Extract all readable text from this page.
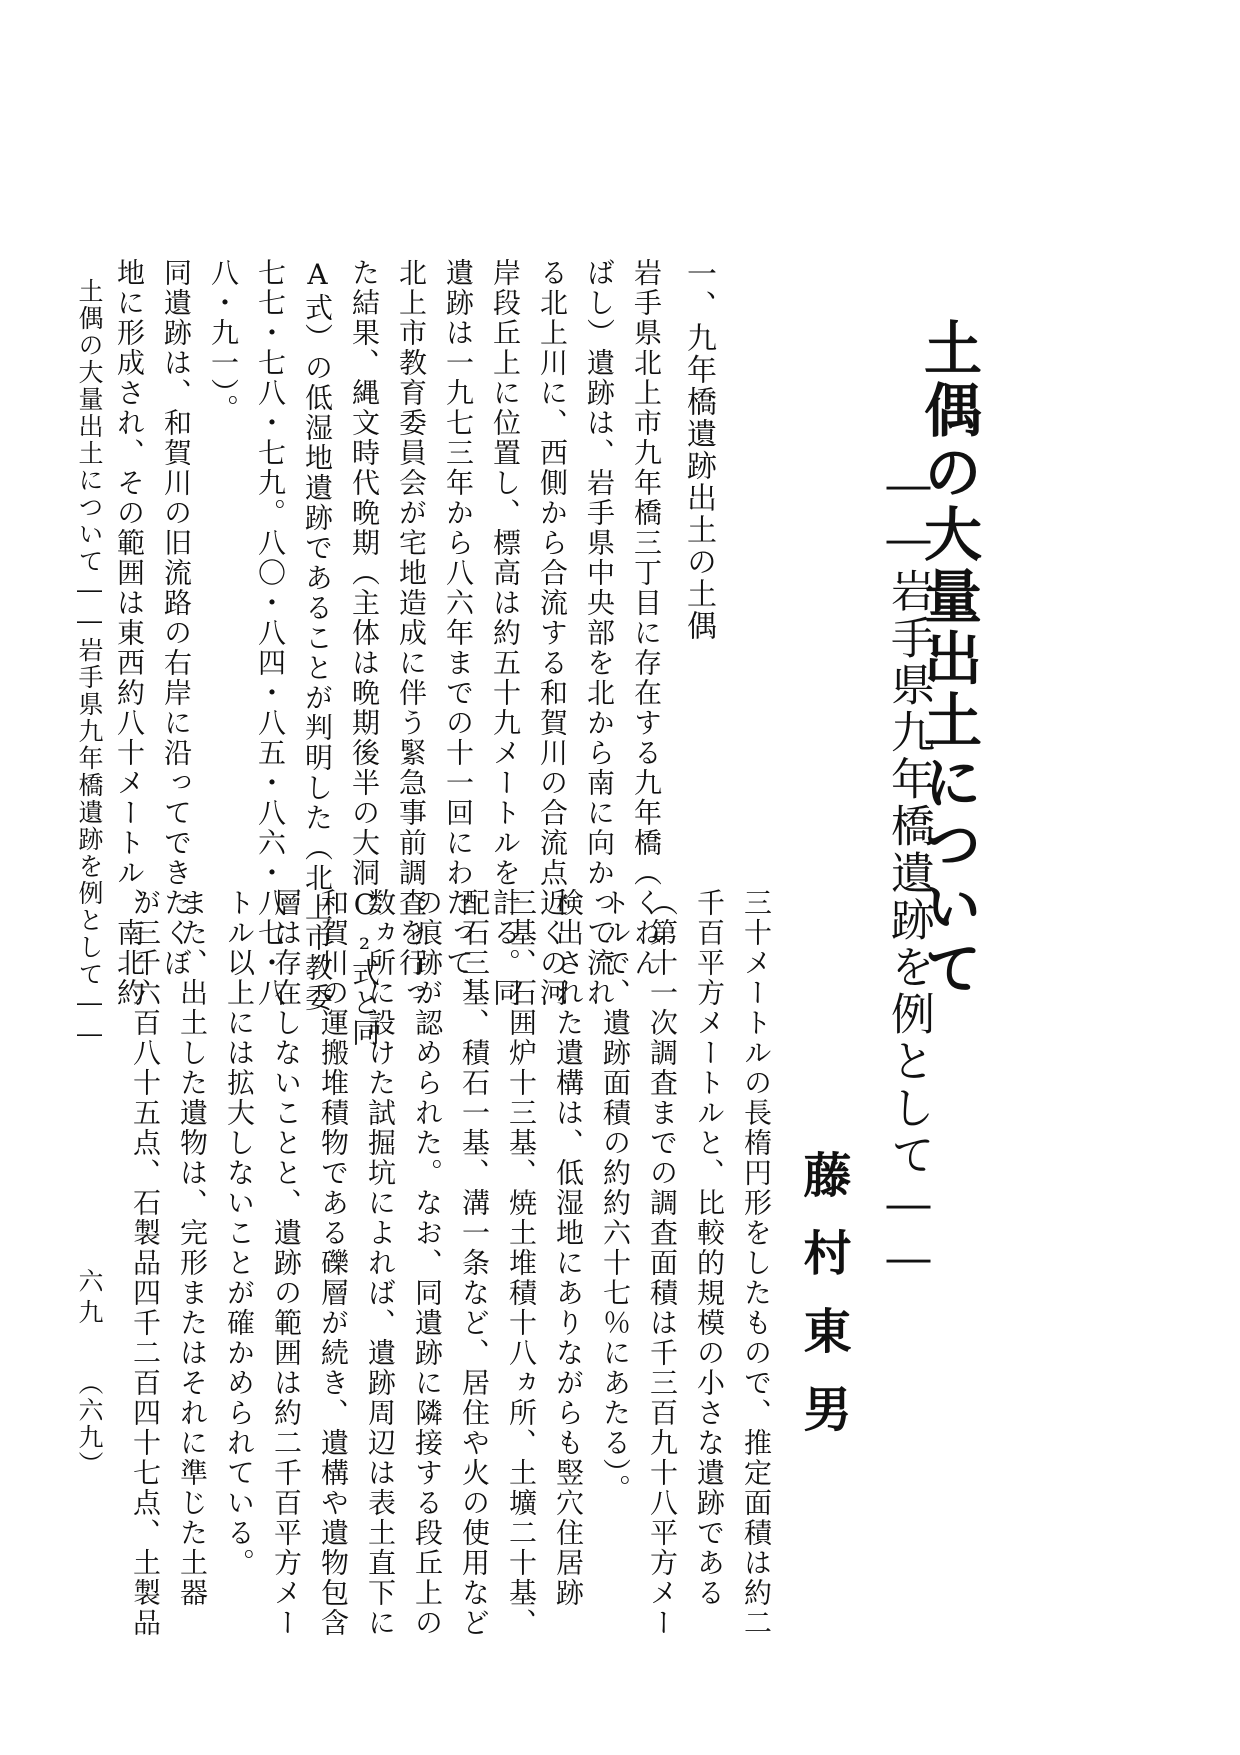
土偶の大量出土について
――岩手県九年橋遺跡を例として――
藤村東男
一、九年橋遺跡出土の土偶
岩手県北上市九年橋三丁目に存在する九年橋（くねん
ばし）遺跡は、岩手県中央部を北から南に向かって流れ
る北上川に、西側から合流する和賀川の合流点近くの河
岸段丘上に位置し、標高は約五十九メートルを計る。同
遺跡は一九七三年から八六年までの十一回にわたって、
北上市教育委員会が宅地造成に伴う緊急事前調査を行っ
た結果、縄文時代晩期（主体は晩期後半の大洞C₂式と同
A式）の低湿地遺跡であることが判明した（北上市教委
七七・七八・七九。八〇・八四・八五・八六・八七・八
八・九一）。
同遺跡は、和賀川の旧流路の右岸に沿ってできたくぼ
地に形成され、その範囲は東西約八十メートル、南北約
三十メートルの長楕円形をしたもので、推定面積は約二
千百平方メートルと、比較的規模の小さな遺跡である
（第十一次調査までの調査面積は千三百九十八平方メー
トルで、遺跡面積の約約六十七％にあたる）。
検出された遺構は、低湿地にありながらも竪穴住居跡
三基、石囲炉十三基、焼土堆積十八ヵ所、土壙二十基、
配石三基、積石一基、溝一条など、居住や火の使用など
の痕跡が認められた。なお、同遺跡に隣接する段丘上の
数ヵ所に設けた試掘坑によれば、遺跡周辺は表土直下に
和賀川の運搬堆積物である礫層が続き、遺構や遺物包含
層は存在しないことと、遺跡の範囲は約二千百平方メー
トル以上には拡大しないことが確かめられている。
また、出土した遺物は、完形またはそれに準じた土器
が三千六百八十五点、石製品四千二百四十七点、土製品
土偶の大量出土について――岩手県九年橋遺跡を例として――
六九
（六九）
